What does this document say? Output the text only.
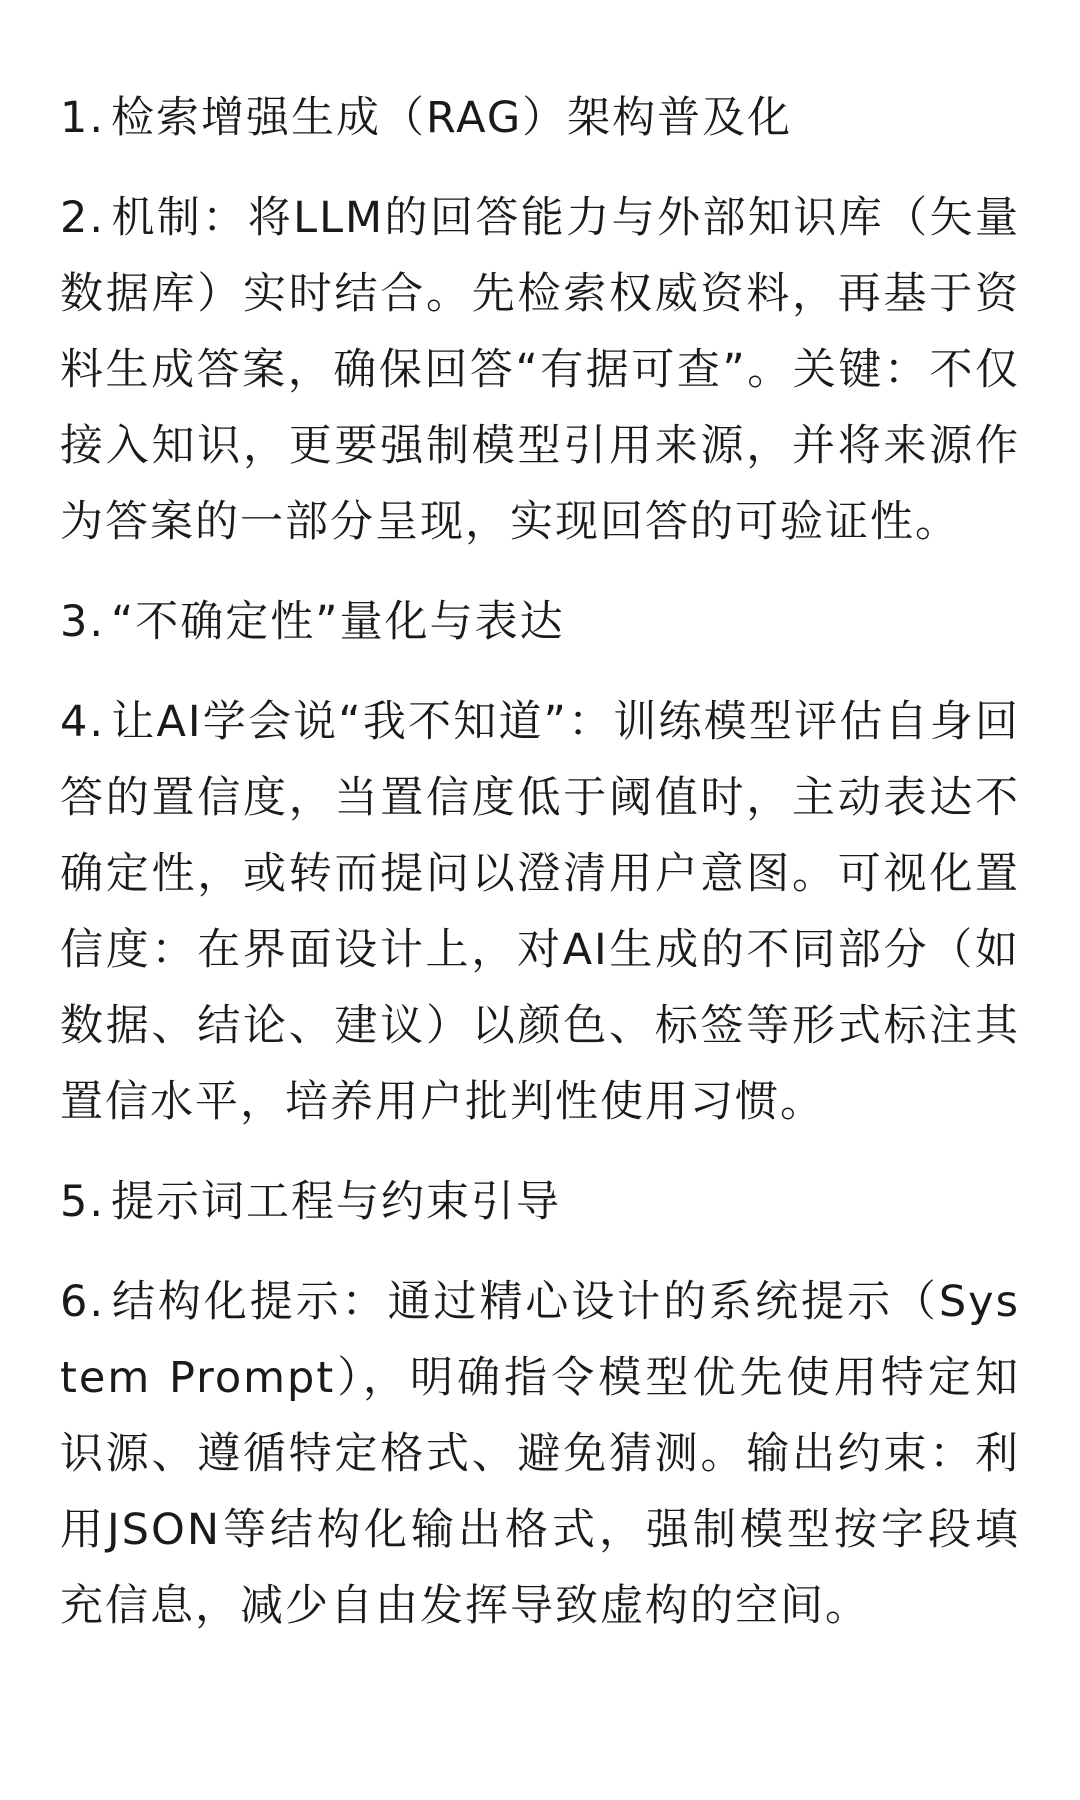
1. 检索增强生成（RAG）架构普及化

2. 机制：将LLM的回答能力与外部知识库（矢量数据库）实时结合。先检索权威资料，再基于资料生成答案，确保回答“有据可查”。关键：不仅接入知识，更要强制模型引用来源，并将来源作为答案的一部分呈现，实现回答的可验证性。

3. “不确定性”量化与表达

4. 让AI学会说“我不知道”：训练模型评估自身回答的置信度，当置信度低于阈值时，主动表达不确定性，或转而提问以澄清用户意图。可视化置信度：在界面设计上，对AI生成的不同部分（如数据、结论、建议）以颜色、标签等形式标注其置信水平，培养用户批判性使用习惯。

5. 提示词工程与约束引导

6. 结构化提示：通过精心设计的系统提示（System Prompt），明确指令模型优先使用特定知识源、遵循特定格式、避免猜测。输出约束：利用JSON等结构化输出格式，强制模型按字段填充信息，减少自由发挥导致虚构的空间。
